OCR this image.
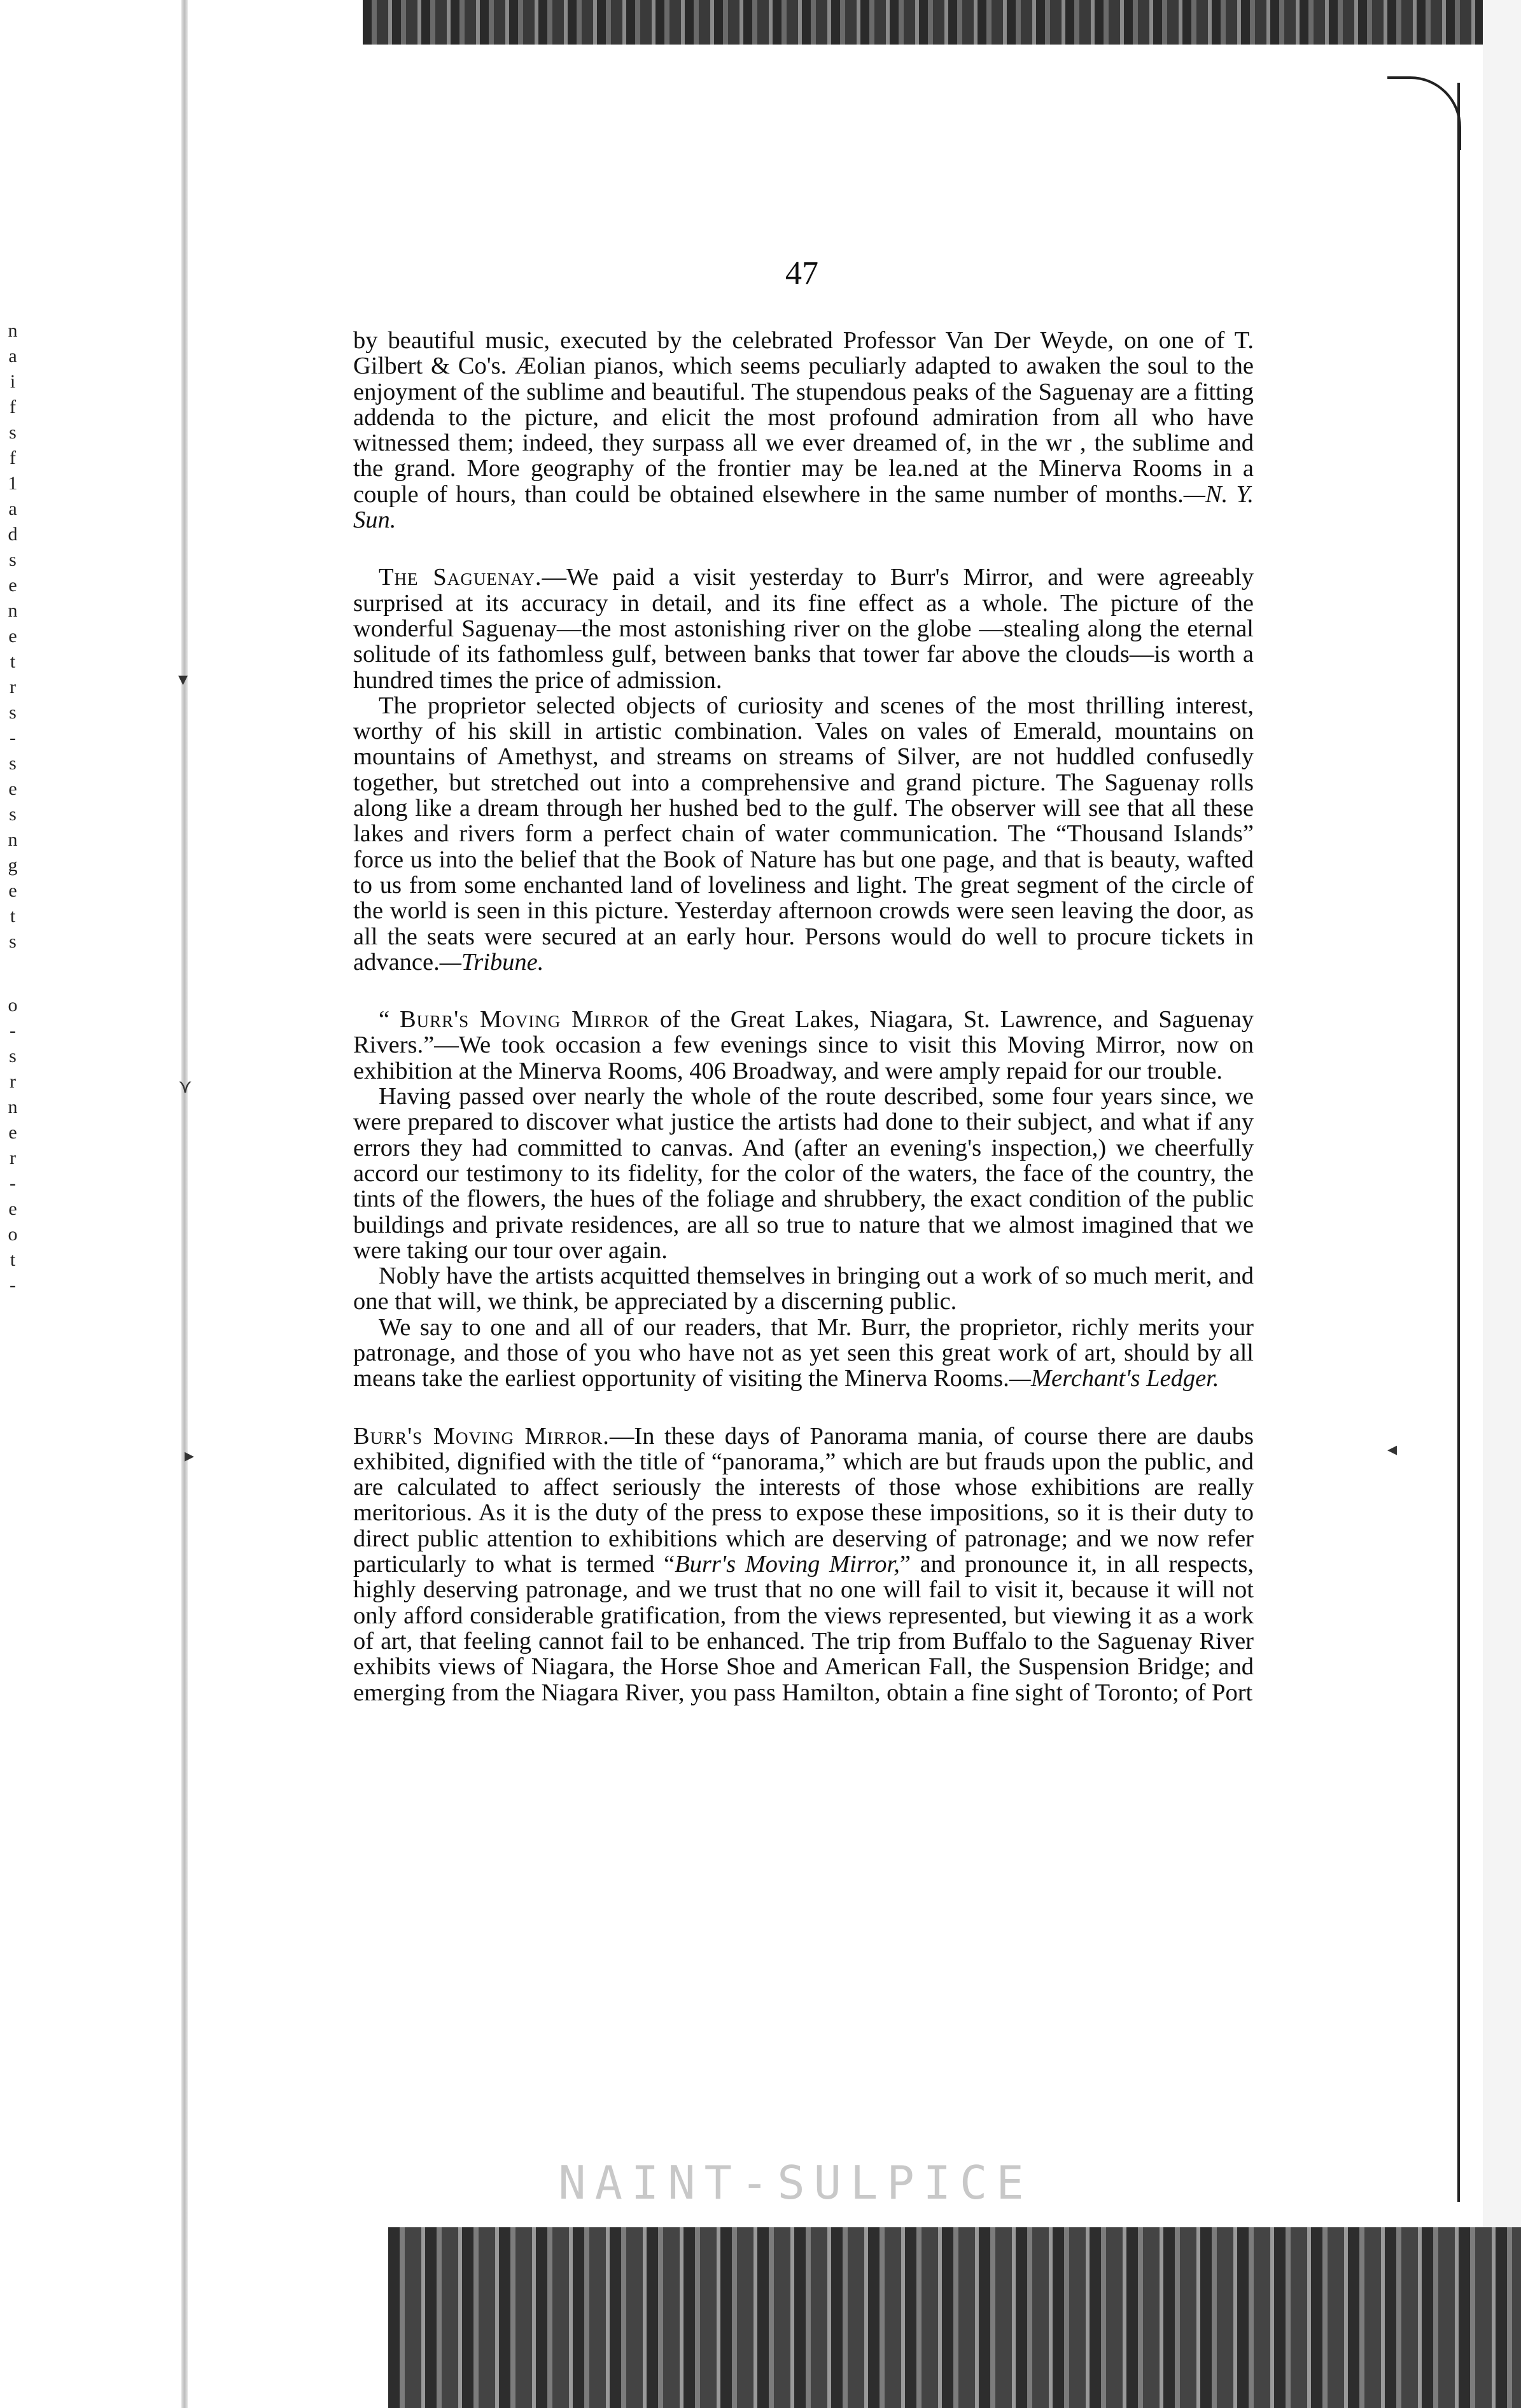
n
a
i
f
s
f
1
a
d
s
e
n
e
t
r
s
-
s
e
s
n
g
e
t
s
o
-
s
r
n
e
r
-
e
o
t
-
▾
⋎
▸	◂
47

by beautiful music, executed by the celebrated Professor Van Der Weyde, on one of T. Gilbert & Co's. Æolian pianos, which seems peculiarly adapted to awaken the soul to the enjoyment of the sublime and beautiful. The stupendous peaks of the Saguenay are a fitting addenda to the picture, and elicit the most profound admiration from all who have witnessed them; indeed, they surpass all we ever dreamed of, in the wr , the sublime and the grand. More geography of the frontier may be lea.ned at the Minerva Rooms in a couple of hours, than could be obtained elsewhere in the same number of months.—N. Y. Sun.

The Saguenay.—We paid a visit yesterday to Burr's Mirror, and were agreeably surprised at its accuracy in detail, and its fine effect as a whole. The picture of the wonderful Saguenay—the most astonishing river on the globe —stealing along the eternal solitude of its fathomless gulf, between banks that tower far above the clouds—is worth a hundred times the price of admission.

The proprietor selected objects of curiosity and scenes of the most thrilling interest, worthy of his skill in artistic combination. Vales on vales of Emerald, mountains on mountains of Amethyst, and streams on streams of Silver, are not huddled confusedly together, but stretched out into a comprehensive and grand picture. The Saguenay rolls along like a dream through her hushed bed to the gulf. The observer will see that all these lakes and rivers form a perfect chain of water communication. The “Thousand Islands” force us into the belief that the Book of Nature has but one page, and that is beauty, wafted to us from some enchanted land of loveliness and light. The great segment of the circle of the world is seen in this picture. Yesterday afternoon crowds were seen leaving the door, as all the seats were secured at an early hour. Persons would do well to procure tickets in advance.—Tribune.

“ Burr's Moving Mirror of the Great Lakes, Niagara, St. Lawrence, and Saguenay Rivers.”—We took occasion a few evenings since to visit this Moving Mirror, now on exhibition at the Minerva Rooms, 406 Broadway, and were amply repaid for our trouble.

Having passed over nearly the whole of the route described, some four years since, we were prepared to discover what justice the artists had done to their subject, and what if any errors they had committed to canvas. And (after an evening's inspection,) we cheerfully accord our testimony to its fidelity, for the color of the waters, the face of the country, the tints of the flowers, the hues of the foliage and shrubbery, the exact condition of the public buildings and private residences, are all so true to nature that we almost imagined that we were taking our tour over again.

Nobly have the artists acquitted themselves in bringing out a work of so much merit, and one that will, we think, be appreciated by a discerning public.

We say to one and all of our readers, that Mr. Burr, the proprietor, richly merits your patronage, and those of you who have not as yet seen this great work of art, should by all means take the earliest opportunity of visiting the Minerva Rooms.—Merchant's Ledger.

Burr's Moving Mirror.—In these days of Panorama mania, of course there are daubs exhibited, dignified with the title of “panorama,” which are but frauds upon the public, and are calculated to affect seriously the interests of those whose exhibitions are really meritorious. As it is the duty of the press to expose these impositions, so it is their duty to direct public attention to exhibitions which are deserving of patronage; and we now refer particularly to what is termed “Burr's Moving Mirror,” and pronounce it, in all respects, highly deserving patronage, and we trust that no one will fail to visit it, because it will not only afford considerable gratification, from the views represented, but viewing it as a work of art, that feeling cannot fail to be enhanced. The trip from Buffalo to the Saguenay River exhibits views of Niagara, the Horse Shoe and American Fall, the Suspension Bridge; and emerging from the Niagara River, you pass Hamilton, obtain a fine sight of Toronto; of Port

NAINT-SULPICE
